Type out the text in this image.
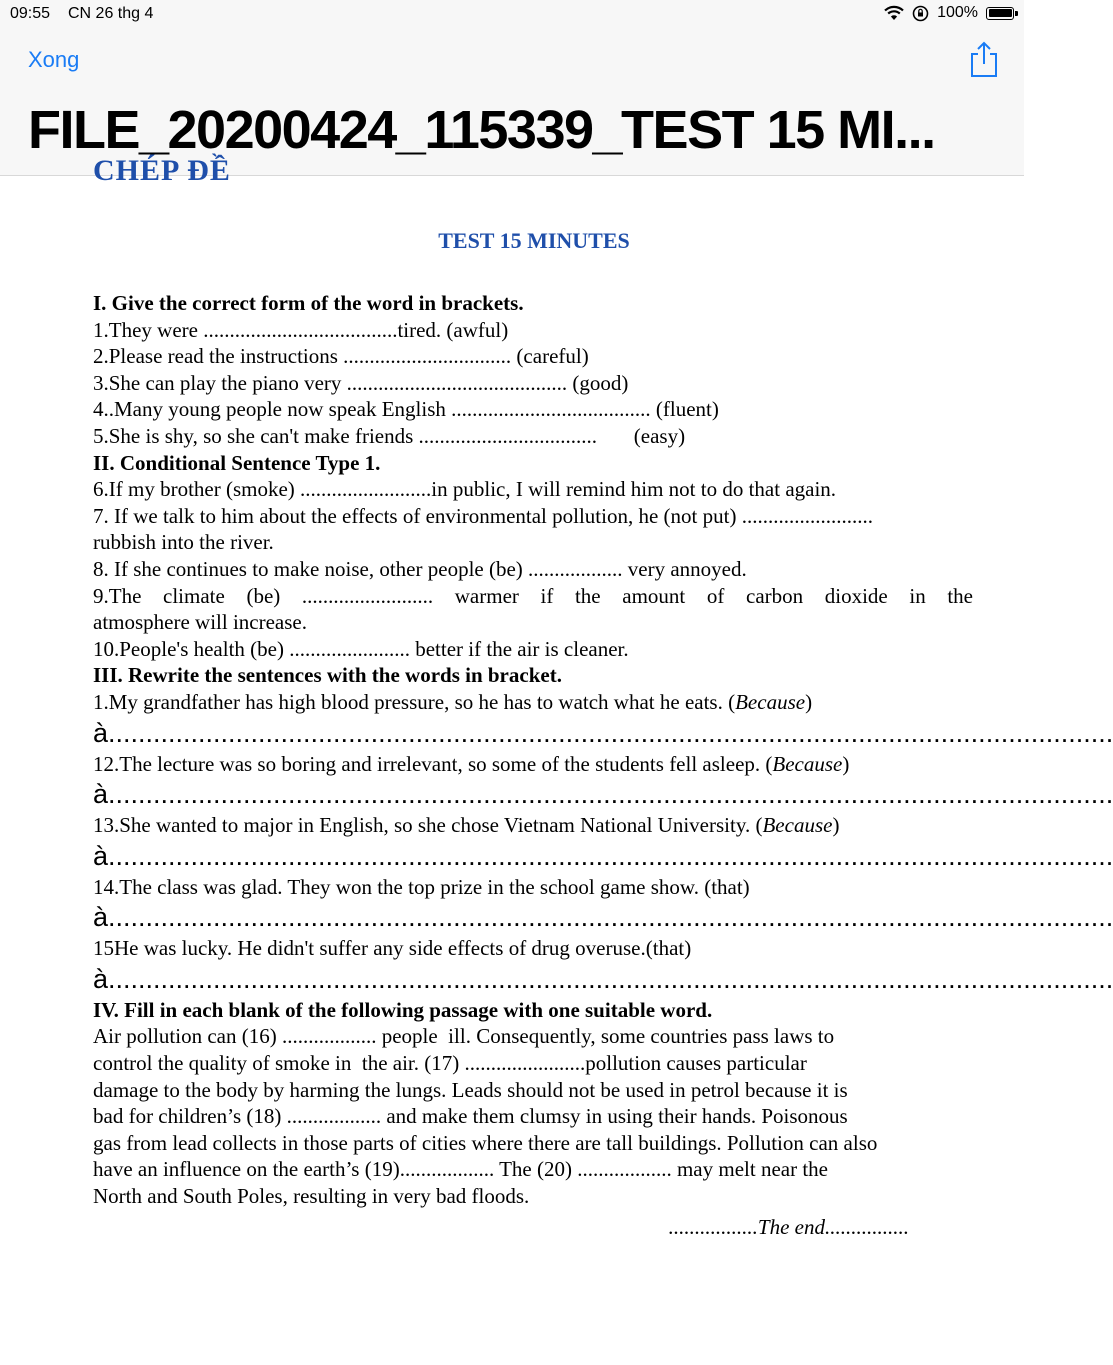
09:55 CN 26 thg 4	100%
Xong
FILE_20200424_115339_TEST 15 MI...
CHÉP ĐỀ
TEST 15 MINUTES
I. Give the correct form of the word in brackets.
1.They were .....................................tired. (awful)
2.Please read the instructions ................................ (careful)
3.She can play the piano very .......................................... (good)
4..Many young people now speak English ...................................... (fluent)
5.She is shy, so she can't make friends ..................................       (easy)
II. Conditional Sentence Type 1.
6.If my brother (smoke) .........................in public, I will remind him not to do that again.
7. If we talk to him about the effects of environmental pollution, he (not put) .........................
rubbish into the river.
8. If she continues to make noise, other people (be) .................. very annoyed.
9.The climate (be) ......................... warmer if the amount of carbon dioxide in the
atmosphere will increase.
10.People's health (be) ....................... better if the air is cleaner.
III. Rewrite the sentences with the words in bracket.
1.My grandfather has high blood pressure, so he has to watch what he eats. (Because)
à......................................................................................................................................
12.The lecture was so boring and irrelevant, so some of the students fell asleep. (Because)
à......................................................................................................................................
13.She wanted to major in English, so she chose Vietnam National University. (Because)
à......................................................................................................................................
14.The class was glad. They won the top prize in the school game show. (that)
à......................................................................................................................................
15He was lucky. He didn't suffer any side effects of drug overuse.(that)
à......................................................................................................................................
IV. Fill in each blank of the following passage with one suitable word.
Air pollution can (16) .................. people  ill. Consequently, some countries pass laws to
control the quality of smoke in  the air. (17) .......................pollution causes particular
damage to the body by harming the lungs. Leads should not be used in petrol because it is
bad for children’s (18) .................. and make them clumsy in using their hands. Poisonous
gas from lead collects in those parts of cities where there are tall buildings. Pollution can also
have an influence on the earth’s (19).................. The (20) .................. may melt near the
North and South Poles, resulting in very bad floods.
.................The end................
